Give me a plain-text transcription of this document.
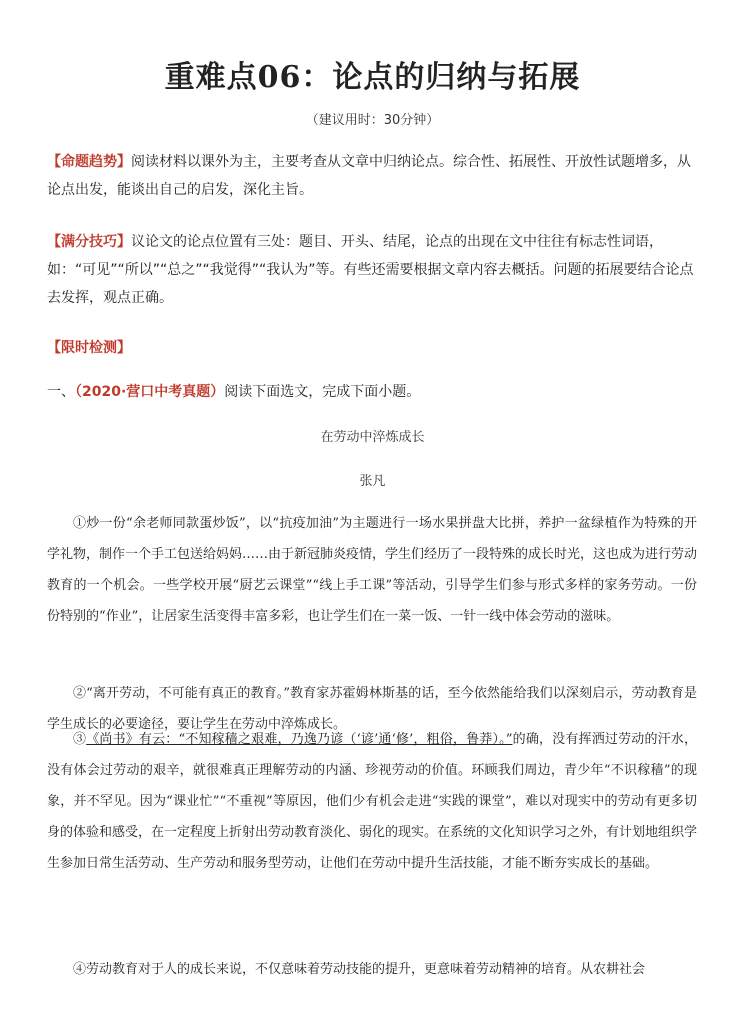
重难点06：论点的归纳与拓展
（建议用时：30分钟）
【命题趋势】阅读材料以课外为主，主要考查从文章中归纳论点。综合性、拓展性、开放性试题增多，从论点出发，能谈出自己的启发，深化主旨。
【满分技巧】议论文的论点位置有三处：题目、开头、结尾，论点的出现在文中往往有标志性词语，如：“可见”“所以”“总之”“我觉得”“我认为”等。有些还需要根据文章内容去概括。问题的拓展要结合论点去发挥，观点正确。
【限时检测】
一、（2020·营口中考真题）阅读下面选文，完成下面小题。
在劳动中淬炼成长
张凡
①炒一份“余老师同款蛋炒饭”，以“抗疫加油”为主题进行一场水果拼盘大比拼，养护一盆绿植作为特殊的开学礼物，制作一个手工包送给妈妈……由于新冠肺炎疫情，学生们经历了一段特殊的成长时光，这也成为进行劳动教育的一个机会。一些学校开展“厨艺云课堂”“线上手工课”等活动，引导学生们参与形式多样的家务劳动。一份份特别的“作业”，让居家生活变得丰富多彩，也让学生们在一菜一饭、一针一线中体会劳动的滋味。
②“离开劳动，不可能有真正的教育。”教育家苏霍姆林斯基的话，至今依然能给我们以深刻启示，劳动教育是学生成长的必要途径，要让学生在劳动中淬炼成长。
③《尚书》有云：“不知稼穑之艰难，乃逸乃谚（‘谚’通‘修’，粗俗，鲁莽）。”的确，没有挥洒过劳动的汗水，没有体会过劳动的艰辛，就很难真正理解劳动的内涵、珍视劳动的价值。环顾我们周边，青少年“不识稼穑”的现象，并不罕见。因为“课业忙”“不重视”等原因，他们少有机会走进“实践的课堂”，难以对现实中的劳动有更多切身的体验和感受，在一定程度上折射出劳动教育淡化、弱化的现实。在系统的文化知识学习之外，有计划地组织学生参加日常生活劳动、生产劳动和服务型劳动，让他们在劳动中提升生活技能，才能不断夯实成长的基础。
④劳动教育对于人的成长来说，不仅意味着劳动技能的提升，更意味着劳动精神的培育。从农耕社会
